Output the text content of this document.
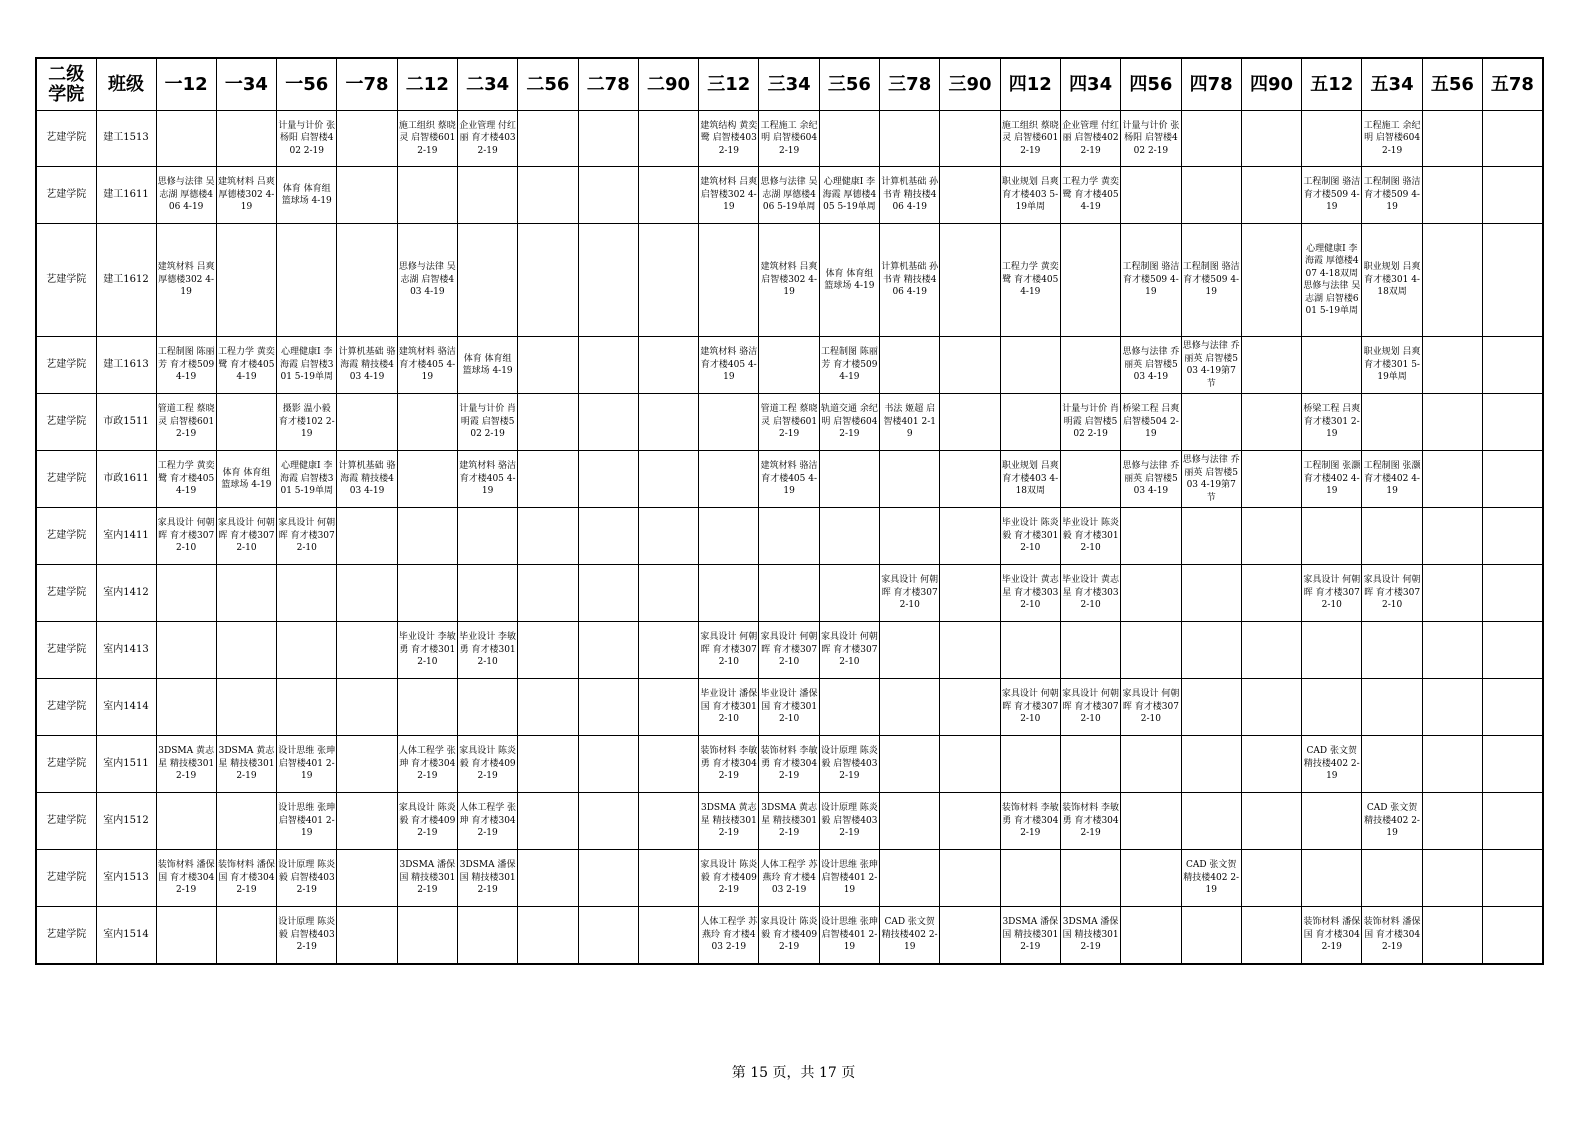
二级
学院	班级	一12	一34	一56	一78	二12	二34	二56	二78	二90	三12	三34	三56	三78	三90	四12	四34	四56	四78	四90	五12	五34	五56	五78
艺建学院	建工1513			计量与计价 张杨阳 启智楼402 2-19		施工组织 蔡晓灵 启智楼601 2-19	企业管理 付红丽 育才楼403 2-19				建筑结构 黄奕鹭 启智楼403 2-19	工程施工 余纪明 启智楼604 2-19				施工组织 蔡晓灵 启智楼601 2-19	企业管理 付红丽 启智楼402 2-19	计量与计价 张杨阳 启智楼402 2-19				工程施工 余纪明 启智楼604 2-19		
艺建学院	建工1611	思修与法律 吴志湖 厚德楼406 4-19	建筑材料 吕爽 厚德楼302 4-19	体育 体育组 篮球场 4-19							建筑材料 吕爽 启智楼302 4-19	思修与法律 吴志湖 厚德楼406 5-19单周	心理健康Ⅰ 李海霞 厚德楼405 5-19单周	计算机基础 孙书青 精技楼406 4-19		职业规划 吕爽 育才楼403 5-19单周	工程力学 黄奕鹭 育才楼405 4-19				工程制图 骆洁 育才楼509 4-19	工程制图 骆洁 育才楼509 4-19		
艺建学院	建工1612	建筑材料 吕爽 厚德楼302 4-19				思修与法律 吴志湖 启智楼403 4-19						建筑材料 吕爽 启智楼302 4-19	体育 体育组 篮球场 4-19	计算机基础 孙书青 精技楼406 4-19		工程力学 黄奕鹭 育才楼405 4-19		工程制图 骆洁 育才楼509 4-19	工程制图 骆洁 育才楼509 4-19		心理健康Ⅰ 李海霞 厚德楼407 4-18双周 思修与法律 吴志湖 启智楼601 5-19单周	职业规划 吕爽 育才楼301 4-18双周		
艺建学院	建工1613	工程制图 陈丽芳 育才楼509 4-19	工程力学 黄奕鹭 育才楼405 4-19	心理健康Ⅰ 李海霞 启智楼301 5-19单周	计算机基础 骆海霞 精技楼403 4-19	建筑材料 骆洁 育才楼405 4-19	体育 体育组 篮球场 4-19				建筑材料 骆洁 育才楼405 4-19		工程制图 陈丽芳 育才楼509 4-19					思修与法律 乔丽英 启智楼503 4-19	思修与法律 乔丽英 启智楼503 4-19第7节			职业规划 吕爽 育才楼301 5-19单周		
艺建学院	市政1511	管道工程 蔡晓灵 启智楼601 2-19		摄影 温小毅 育才楼102 2-19			计量与计价 肖明霞 启智楼502 2-19					管道工程 蔡晓灵 启智楼601 2-19	轨道交通 余纪明 启智楼604 2-19	书法 姬超 启智楼401 2-19			计量与计价 肖明霞 启智楼502 2-19	桥梁工程 吕爽 启智楼504 2-19			桥梁工程 吕爽 育才楼301 2-19			
艺建学院	市政1611	工程力学 黄奕鹭 育才楼405 4-19	体育 体育组 篮球场 4-19	心理健康Ⅰ 李海霞 启智楼301 5-19单周	计算机基础 骆海霞 精技楼403 4-19		建筑材料 骆洁 育才楼405 4-19					建筑材料 骆洁 育才楼405 4-19				职业规划 吕爽 育才楼403 4-18双周		思修与法律 乔丽英 启智楼503 4-19	思修与法律 乔丽英 启智楼503 4-19第7节		工程制图 张灏 育才楼402 4-19	工程制图 张灏 育才楼402 4-19		
艺建学院	室内1411	家具设计 何朝晖 育才楼307 2-10	家具设计 何朝晖 育才楼307 2-10	家具设计 何朝晖 育才楼307 2-10												毕业设计 陈炎毅 育才楼301 2-10	毕业设计 陈炎毅 育才楼301 2-10							
艺建学院	室内1412													家具设计 何朝晖 育才楼307 2-10		毕业设计 黄志星 育才楼303 2-10	毕业设计 黄志星 育才楼303 2-10				家具设计 何朝晖 育才楼307 2-10	家具设计 何朝晖 育才楼307 2-10		
艺建学院	室内1413					毕业设计 李敏勇 育才楼301 2-10	毕业设计 李敏勇 育才楼301 2-10				家具设计 何朝晖 育才楼307 2-10	家具设计 何朝晖 育才楼307 2-10	家具设计 何朝晖 育才楼307 2-10											
艺建学院	室内1414										毕业设计 潘保国 育才楼301 2-10	毕业设计 潘保国 育才楼301 2-10				家具设计 何朝晖 育才楼307 2-10	家具设计 何朝晖 育才楼307 2-10	家具设计 何朝晖 育才楼307 2-10						
艺建学院	室内1511	3DSMA 黄志星 精技楼301 2-19	3DSMA 黄志星 精技楼301 2-19	设计思维 张珅 启智楼401 2-19		人体工程学 张珅 育才楼304 2-19	家具设计 陈炎毅 育才楼409 2-19				装饰材料 李敏勇 育才楼304 2-19	装饰材料 李敏勇 育才楼304 2-19	设计原理 陈炎毅 启智楼403 2-19								CAD 张文贺 精技楼402 2-19			
艺建学院	室内1512			设计思维 张珅 启智楼401 2-19		家具设计 陈炎毅 育才楼409 2-19	人体工程学 张珅 育才楼304 2-19				3DSMA 黄志星 精技楼301 2-19	3DSMA 黄志星 精技楼301 2-19	设计原理 陈炎毅 启智楼403 2-19			装饰材料 李敏勇 育才楼304 2-19	装饰材料 李敏勇 育才楼304 2-19					CAD 张文贺 精技楼402 2-19		
艺建学院	室内1513	装饰材料 潘保国 育才楼304 2-19	装饰材料 潘保国 育才楼304 2-19	设计原理 陈炎毅 启智楼403 2-19		3DSMA 潘保国 精技楼301 2-19	3DSMA 潘保国 精技楼301 2-19				家具设计 陈炎毅 育才楼409 2-19	人体工程学 苏燕玲 育才楼403 2-19	设计思维 张珅 启智楼401 2-19						CAD 张文贺 精技楼402 2-19					
艺建学院	室内1514			设计原理 陈炎毅 启智楼403 2-19							人体工程学 苏燕玲 育才楼403 2-19	家具设计 陈炎毅 育才楼409 2-19	设计思维 张珅 启智楼401 2-19	CAD 张文贺 精技楼402 2-19		3DSMA 潘保国 精技楼301 2-19	3DSMA 潘保国 精技楼301 2-19				装饰材料 潘保国 育才楼304 2-19	装饰材料 潘保国 育才楼304 2-19		
第 15 页，共 17 页
